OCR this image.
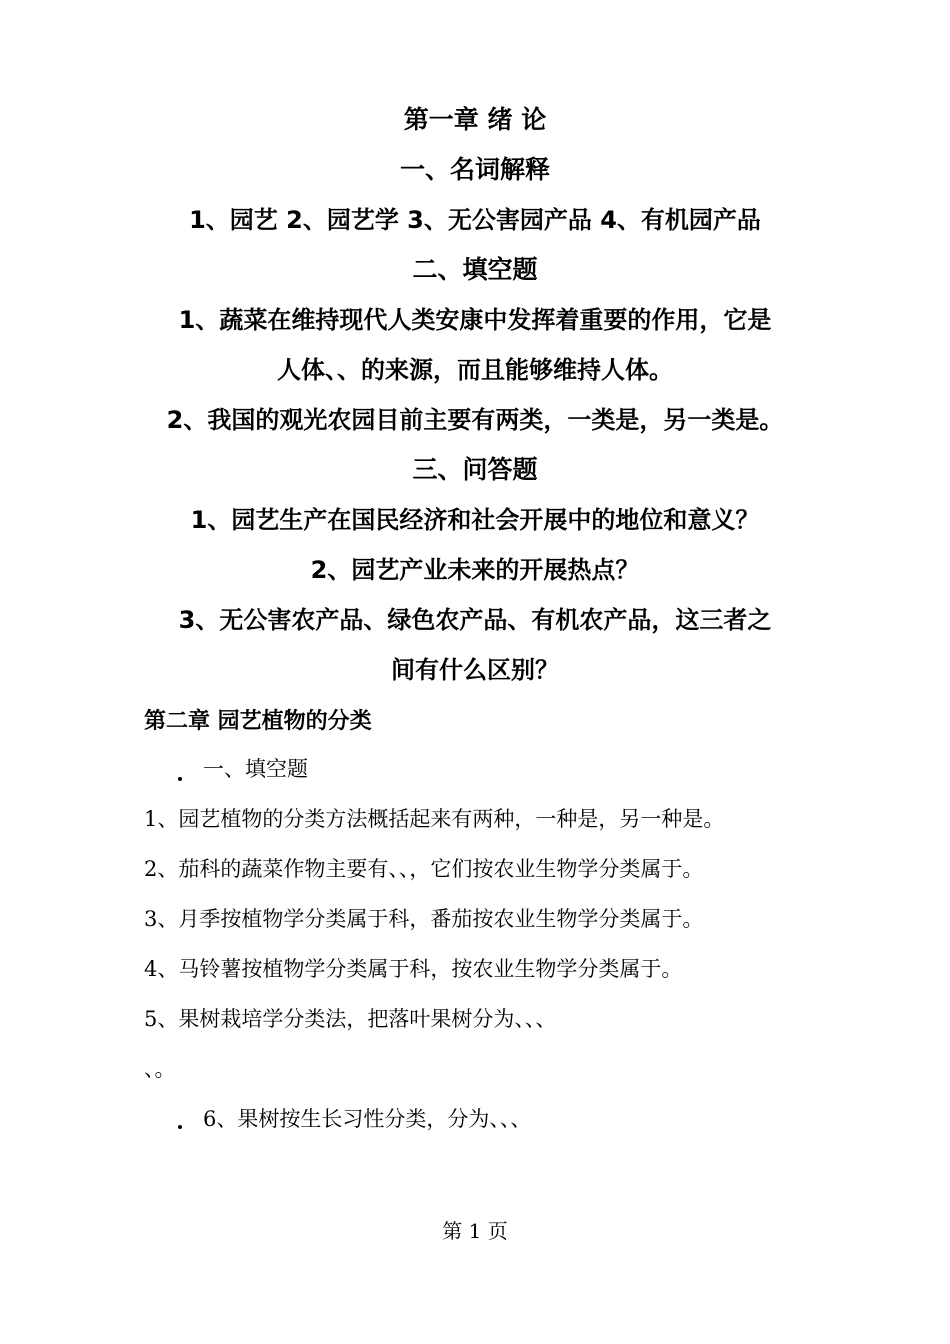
第一章 绪 论
一、名词解释
1、园艺 2、园艺学 3、无公害园产品 4、有机园产品
二、填空题
1、蔬菜在维持现代人类安康中发挥着重要的作用，它是
人体、、的来源，而且能够维持人体。
2、我国的观光农园目前主要有两类，一类是，另一类是。
三、问答题
1、园艺生产在国民经济和社会开展中的地位和意义？
2、园艺产业未来的开展热点？
3、无公害农产品、绿色农产品、有机农产品，这三者之
间有什么区别？
第二章 园艺植物的分类
一、填空题
1、园艺植物的分类方法概括起来有两种，一种是，另一种是。
2、茄科的蔬菜作物主要有、、，它们按农业生物学分类属于。
3、月季按植物学分类属于科，番茄按农业生物学分类属于。
4、马铃薯按植物学分类属于科，按农业生物学分类属于。
5、果树栽培学分类法，把落叶果树分为、、、
、。
6、果树按生长习性分类，分为、、、
第 1 页
